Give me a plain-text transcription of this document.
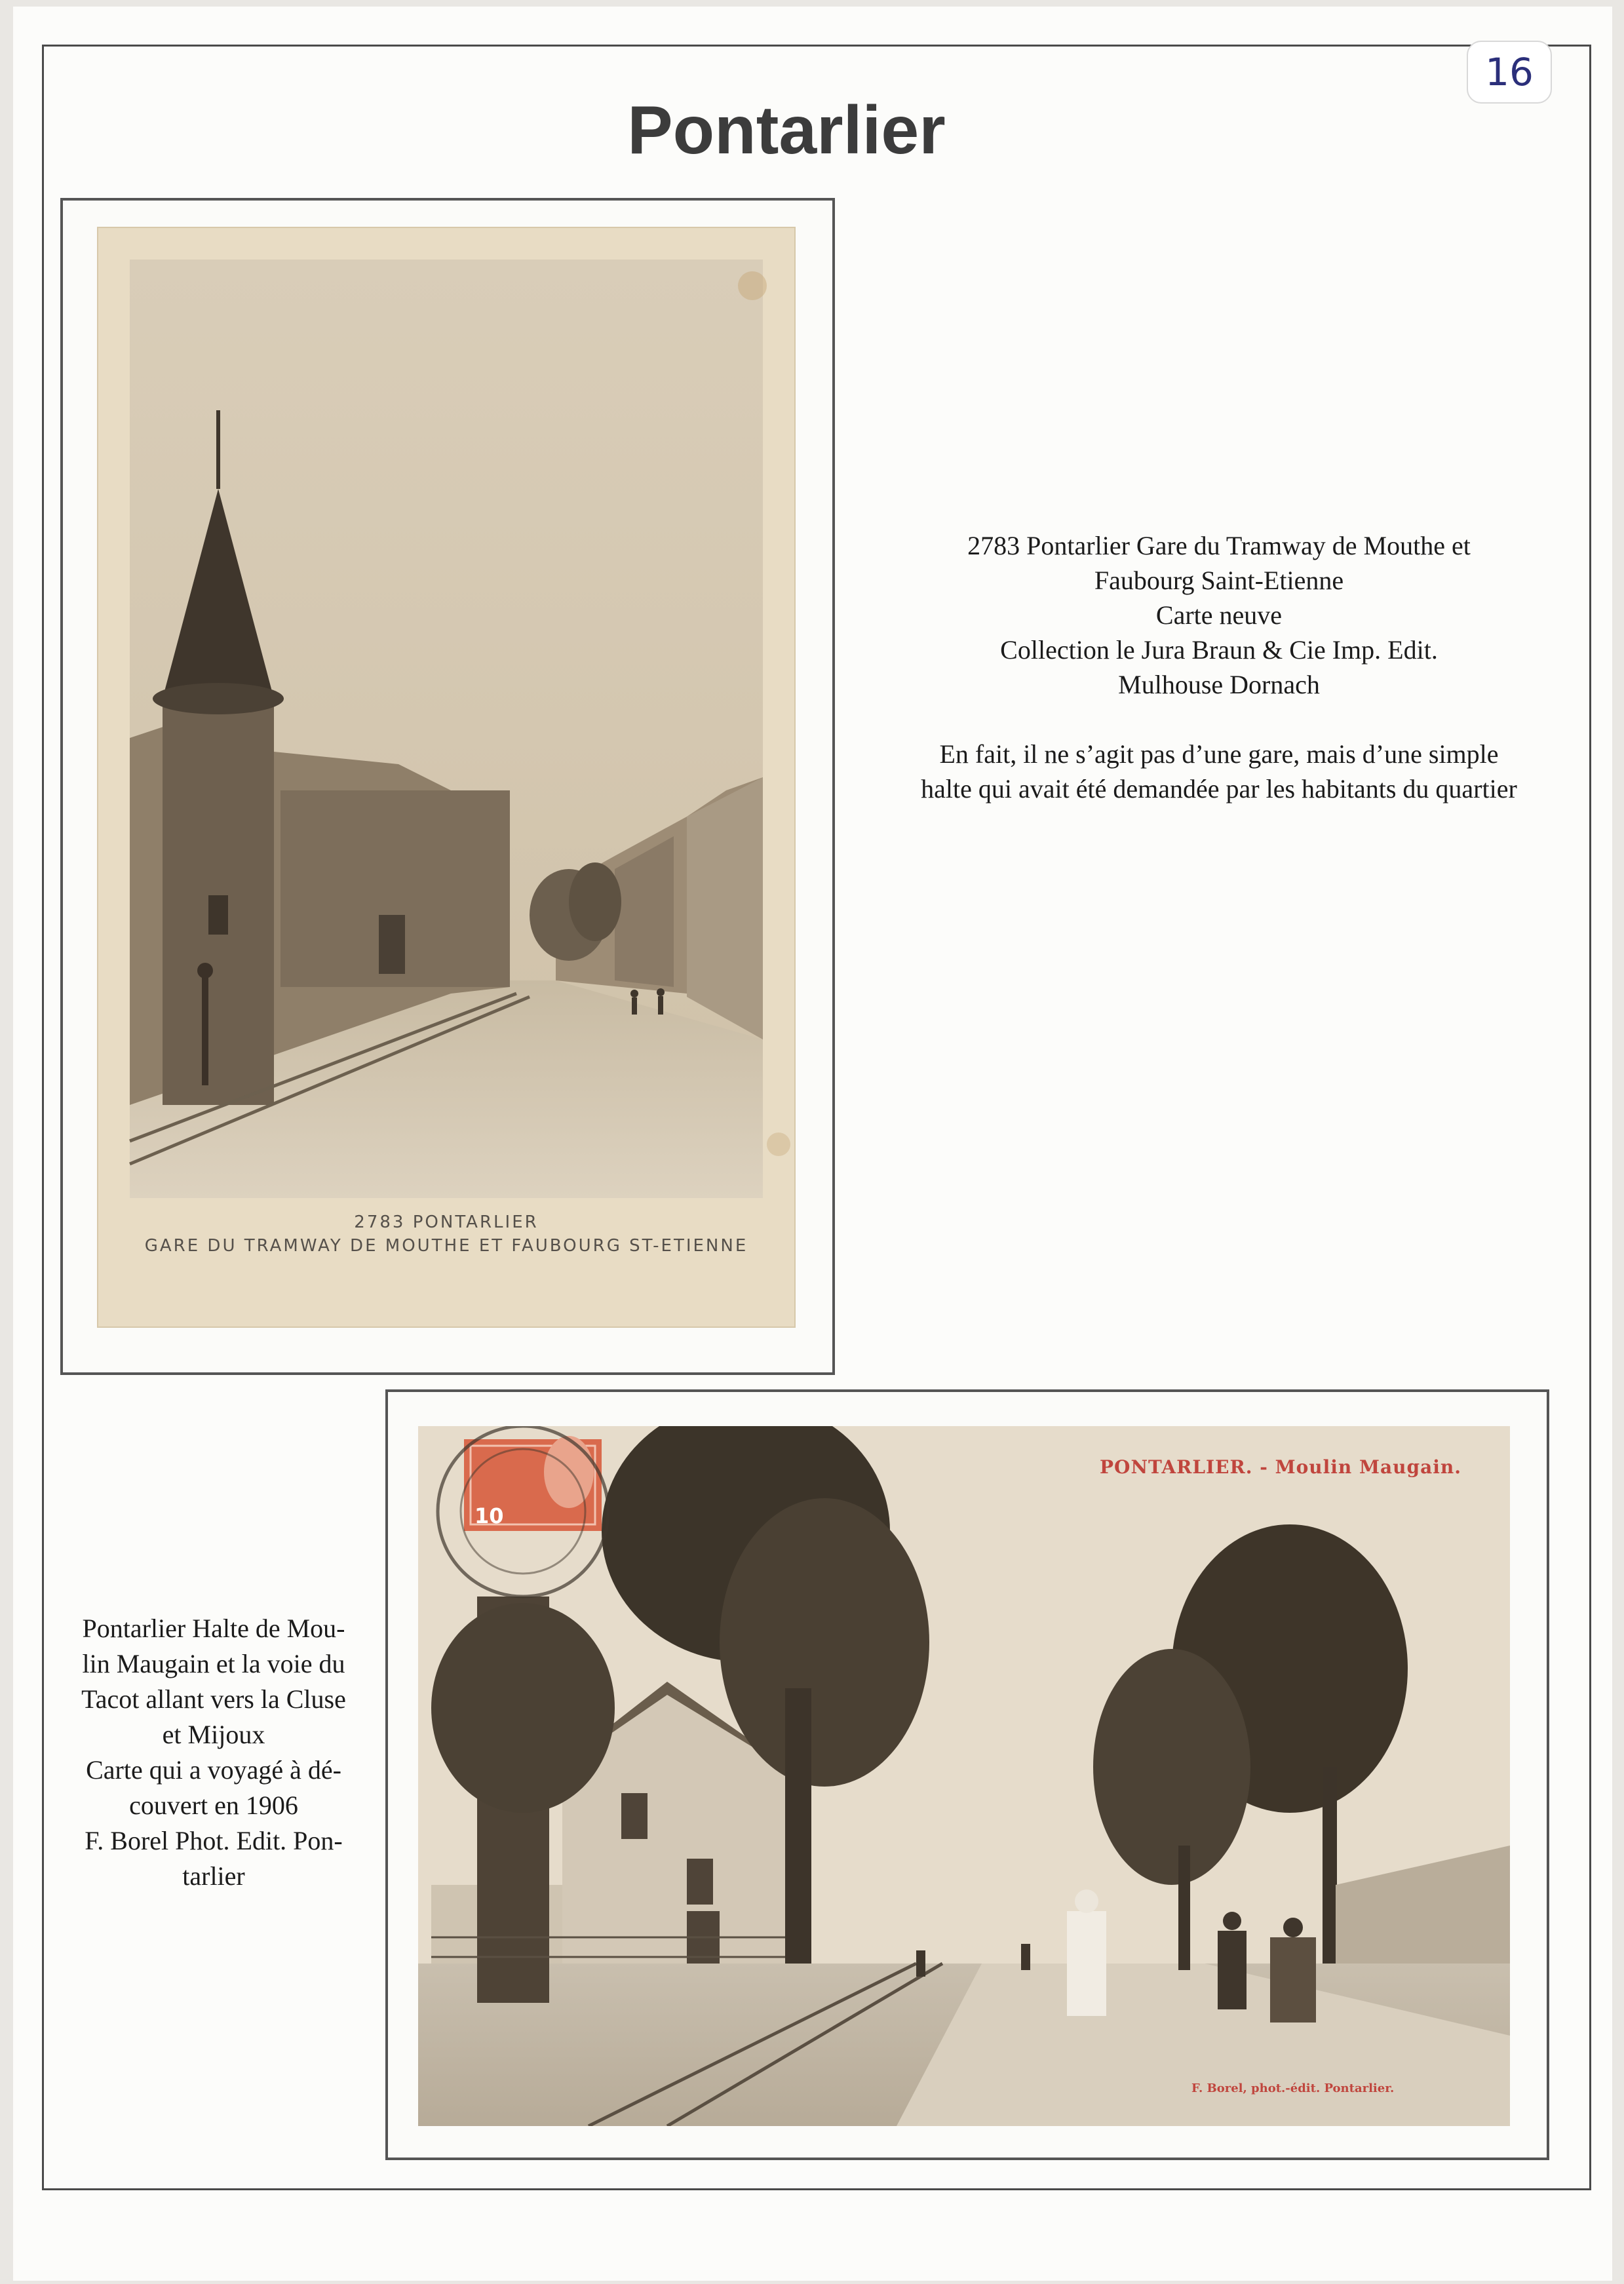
16
Pontarlier
2783 PONTARLIER
GARE DU TRAMWAY DE MOUTHE ET FAUBOURG ST-ETIENNE
10
PONTARLIER. - Moulin Maugain.
F. Borel, phot.-édit. Pontarlier.

2783 Pontarlier Gare du Tramway de Mouthe et

Faubourg Saint-Etienne

Carte neuve

Collection le Jura Braun & Cie Imp. Edit.

Mulhouse Dornach

En fait, il ne s’agit pas d’une gare, mais d’une simple

halte qui avait été demandée par les habitants du quartier

Pontarlier Halte de Mou-

lin Maugain et la voie du

Tacot allant vers la Cluse

et Mijoux

Carte qui a voyagé à dé-

couvert en 1906

F. Borel Phot. Edit. Pon-

tarlier
